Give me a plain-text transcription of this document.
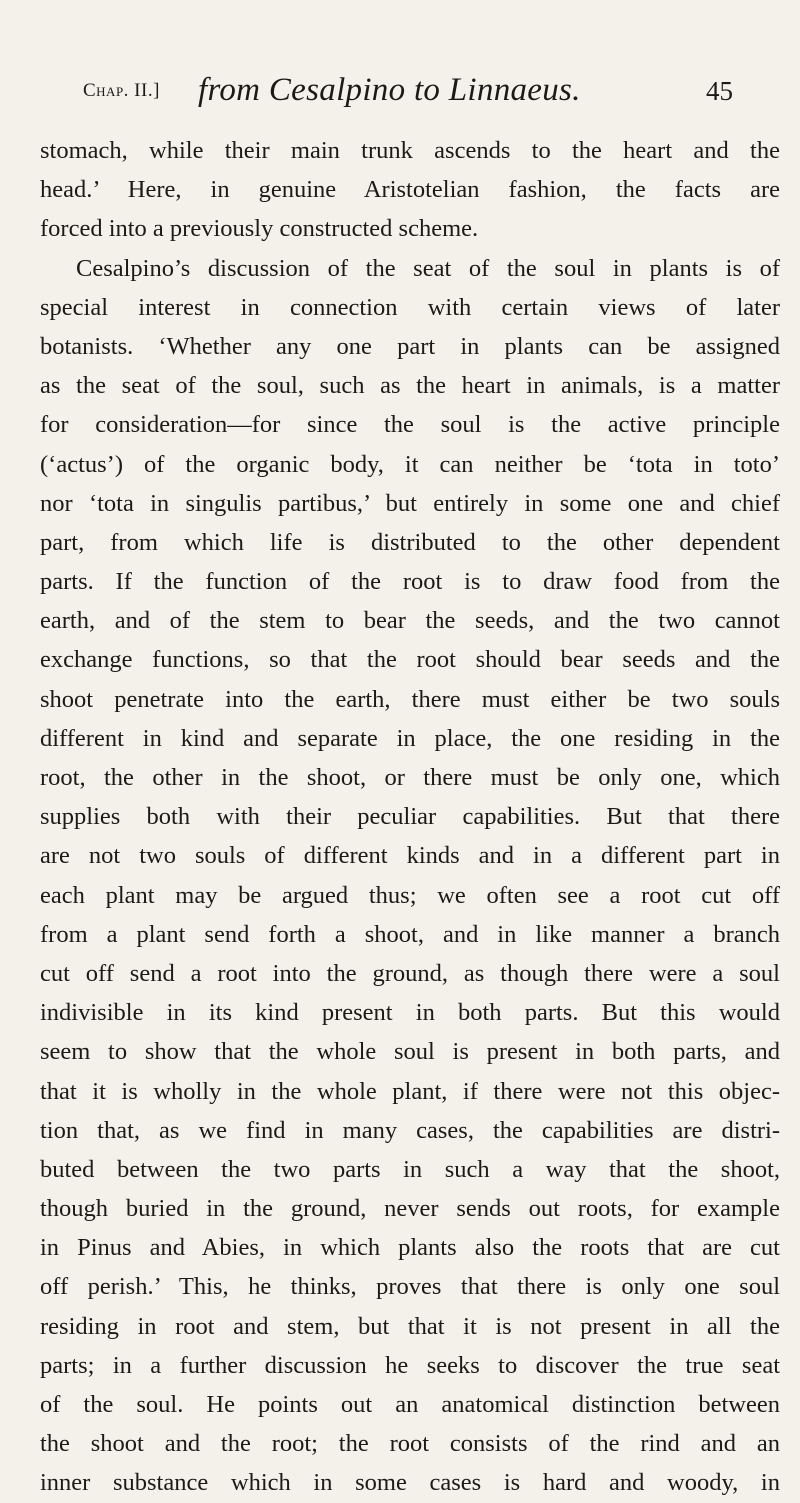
Chap. II.] from Cesalpino to Linnaeus.	45
stomach, while their main trunk ascends to the heart and the
head.’ Here, in genuine Aristotelian fashion, the facts are
forced into a previously constructed scheme.
Cesalpino’s discussion of the seat of the soul in plants is of
special interest in connection with certain views of later
botanists. ‘Whether any one part in plants can be assigned
as the seat of the soul, such as the heart in animals, is a matter
for consideration—for since the soul is the active principle
(‘actus’) of the organic body, it can neither be ‘tota in toto’
nor ‘tota in singulis partibus,’ but entirely in some one and chief
part, from which life is distributed to the other dependent
parts. If the function of the root is to draw food from the
earth, and of the stem to bear the seeds, and the two cannot
exchange functions, so that the root should bear seeds and the
shoot penetrate into the earth, there must either be two souls
different in kind and separate in place, the one residing in the
root, the other in the shoot, or there must be only one, which
supplies both with their peculiar capabilities. But that there
are not two souls of different kinds and in a different part in
each plant may be argued thus; we often see a root cut off
from a plant send forth a shoot, and in like manner a branch
cut off send a root into the ground, as though there were a soul
indivisible in its kind present in both parts. But this would
seem to show that the whole soul is present in both parts, and
that it is wholly in the whole plant, if there were not this objec-
tion that, as we find in many cases, the capabilities are distri-
buted between the two parts in such a way that the shoot,
though buried in the ground, never sends out roots, for example
in Pinus and Abies, in which plants also the roots that are cut
off perish.’ This, he thinks, proves that there is only one soul
residing in root and stem, but that it is not present in all the
parts; in a further discussion he seeks to discover the true seat
of the soul. He points out an anatomical distinction between
the shoot and the root; the root consists of the rind and an
inner substance which in some cases is hard and woody, in
